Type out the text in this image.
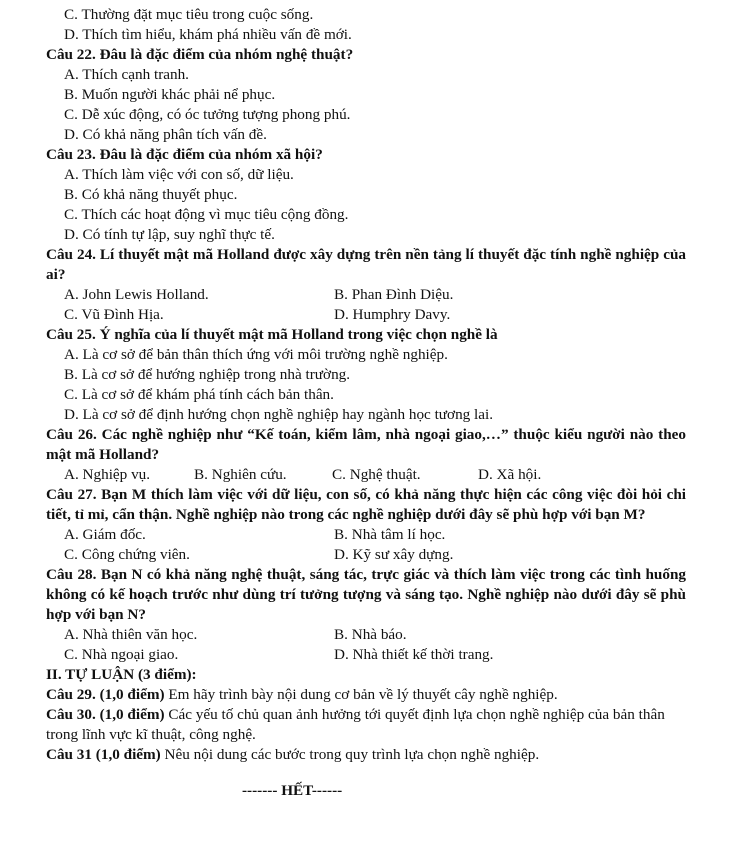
C. Thường đặt mục tiêu trong cuộc sống.
D. Thích tìm hiểu, khám phá nhiều vấn đề mới.
Câu 22. Đâu là đặc điểm của nhóm nghệ thuật?
A. Thích cạnh tranh.
B. Muốn người khác phải nể phục.
C. Dễ xúc động, có óc tưởng tượng phong phú.
D. Có khả năng phân tích vấn đề.
Câu 23. Đâu là đặc điểm của nhóm xã hội?
A. Thích làm việc với con số, dữ liệu.
B. Có khả năng thuyết phục.
C. Thích các hoạt động vì mục tiêu cộng đồng.
D. Có tính tự lập, suy nghĩ thực tế.
Câu 24. Lí thuyết mật mã Holland được xây dựng trên nền tảng lí thuyết đặc tính nghề nghiệp của ai?
A. John Lewis Holland.	B. Phan Đình Diệu.
C. Vũ Đình Hịa.	D. Humphry Davy.
Câu 25. Ý nghĩa của lí thuyết mật mã Holland trong việc chọn nghề là
A. Là cơ sở để bản thân thích ứng với môi trường nghề nghiệp.
B. Là cơ sở để hướng nghiệp trong nhà trường.
C. Là cơ sở để khám phá tính cách bản thân.
D. Là cơ sở để định hướng chọn nghề nghiệp hay ngành học tương lai.
Câu 26. Các nghề nghiệp như “Kế toán, kiểm lâm, nhà ngoại giao,…” thuộc kiểu người nào theo mật mã Holland?
A. Nghiệp vụ.	B. Nghiên cứu.	C. Nghệ thuật.	D. Xã hội.
Câu 27. Bạn M thích làm việc với dữ liệu, con số, có khả năng thực hiện các công việc đòi hỏi chi tiết, tỉ mỉ, cẩn thận. Nghề nghiệp nào trong các nghề nghiệp dưới đây sẽ phù hợp với bạn M?
A. Giám đốc.	B. Nhà tâm lí học.
C. Công chứng viên.	D. Kỹ sư xây dựng.
Câu 28. Bạn N có khả năng nghệ thuật, sáng tác, trực giác và thích làm việc trong các tình huống không có kế hoạch trước như dùng trí tưởng tượng và sáng tạo. Nghề nghiệp nào dưới đây sẽ phù hợp với bạn N?
A. Nhà thiên văn học.	B. Nhà báo.
C. Nhà ngoại giao.	D. Nhà thiết kế thời trang.
II. TỰ LUẬN (3 điểm):
Câu 29. (1,0 điểm) Em hãy trình bày nội dung cơ bản về lý thuyết cây nghề nghiệp.
Câu 30. (1,0 điểm) Các yếu tố chủ quan ảnh hưởng tới quyết định lựa chọn nghề nghiệp của bản thân trong lĩnh vực kĩ thuật, công nghệ.
Câu 31 (1,0 điểm) Nêu nội dung các bước trong quy trình lựa chọn nghề nghiệp.
------- HẾT------
